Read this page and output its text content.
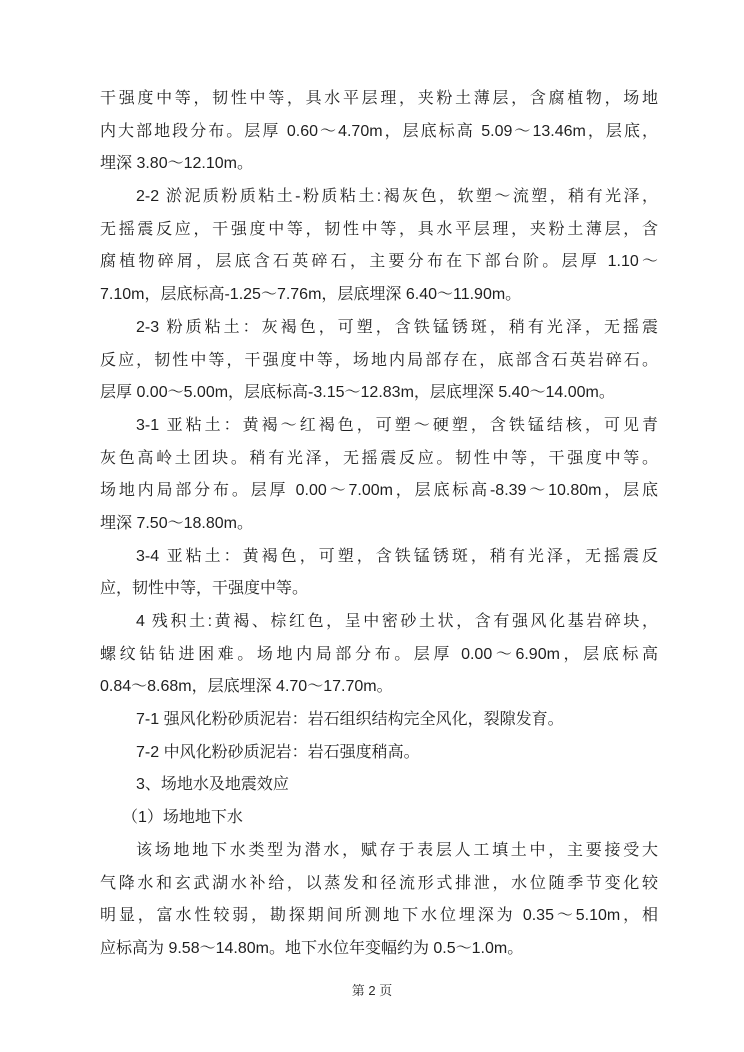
干强度中等，韧性中等，具水平层理，夹粉土薄层，含腐植物，场地
内大部地段分布。层厚 0.60～4.70m，层底标高 5.09～13.46m，层底，
埋深 3.80～12.10m。
2-2 淤泥质粉质粘土-粉质粘土:褐灰色，软塑～流塑，稍有光泽，
无摇震反应，干强度中等，韧性中等，具水平层理，夹粉土薄层，含
腐植物碎屑，层底含石英碎石，主要分布在下部台阶。层厚 1.10～
7.10m，层底标高-1.25～7.76m，层底埋深 6.40～11.90m。
2-3 粉质粘土：灰褐色，可塑，含铁锰锈斑，稍有光泽，无摇震
反应，韧性中等，干强度中等，场地内局部存在，底部含石英岩碎石。
层厚 0.00～5.00m，层底标高-3.15～12.83m，层底埋深 5.40～14.00m。
3-1 亚粘土：黄褐～红褐色，可塑～硬塑，含铁锰结核，可见青
灰色高岭土团块。稍有光泽，无摇震反应。韧性中等，干强度中等。
场地内局部分布。层厚 0.00～7.00m，层底标高-8.39～10.80m，层底
埋深 7.50～18.80m。
3-4 亚粘土：黄褐色，可塑，含铁锰锈斑，稍有光泽，无摇震反
应，韧性中等，干强度中等。
4 残积土:黄褐、棕红色，呈中密砂土状，含有强风化基岩碎块，
螺纹钻钻进困难。场地内局部分布。层厚 0.00～6.90m，层底标高
0.84～8.68m，层底埋深 4.70～17.70m。
7-1 强风化粉砂质泥岩：岩石组织结构完全风化，裂隙发育。
7-2 中风化粉砂质泥岩：岩石强度稍高。
3、场地水及地震效应
（1）场地地下水
该场地地下水类型为潜水，赋存于表层人工填土中，主要接受大
气降水和玄武湖水补给，以蒸发和径流形式排泄，水位随季节变化较
明显，富水性较弱，勘探期间所测地下水位埋深为 0.35～5.10m，相
应标高为 9.58～14.80m。地下水位年变幅约为 0.5～1.0m。
第 2 页
